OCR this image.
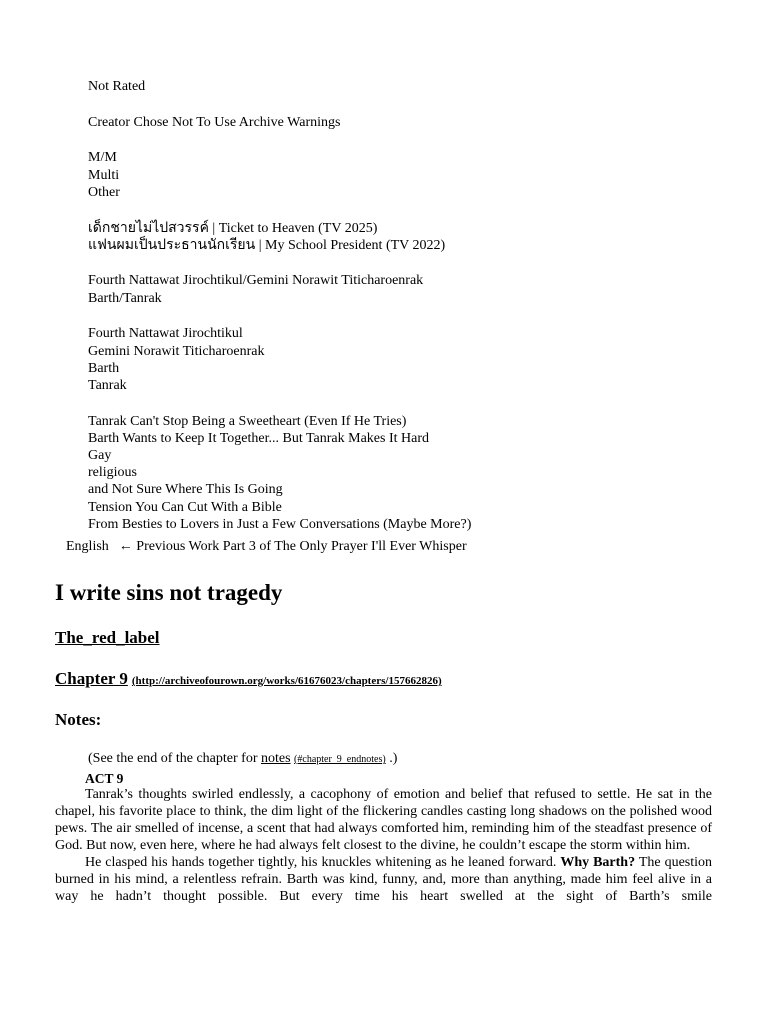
Not Rated
Creator Chose Not To Use Archive Warnings
M/M
Multi
Other
เด็กชายไม่ไปสวรรค์ | Ticket to Heaven (TV 2025)
แฟนผมเป็นประธานนักเรียน | My School President (TV 2022)
Fourth Nattawat Jirochtikul/Gemini Norawit Titicharoenrak
Barth/Tanrak
Fourth Nattawat Jirochtikul
Gemini Norawit Titicharoenrak
Barth
Tanrak
Tanrak Can't Stop Being a Sweetheart (Even If He Tries)
Barth Wants to Keep It Together... But Tanrak Makes It Hard
Gay
religious
and Not Sure Where This Is Going
Tension You Can Cut With a Bible
From Besties to Lovers in Just a Few Conversations (Maybe More?)
English ← Previous Work Part 3 of The Only Prayer I'll Ever Whisper
I write sins not tragedy
The_red_label
Chapter 9 (http://archiveofourown.org/works/61676023/chapters/157662826)
Notes:
(See the end of the chapter for notes (#chapter_9_endnotes) .)
ACT 9

Tanrak’s thoughts swirled endlessly, a cacophony of emotion and belief that refused to settle. He sat in the chapel, his favorite place to think, the dim light of the flickering candles casting long shadows on the polished wood pews. The air smelled of incense, a scent that had always comforted him, reminding him of the steadfast presence of God. But now, even here, where he had always felt closest to the divine, he couldn’t escape the storm within him.

He clasped his hands together tightly, his knuckles whitening as he leaned forward. Why Barth? The question burned in his mind, a relentless refrain. Barth was kind, funny, and, more than anything, made him feel alive in a way he hadn’t thought possible. But every time his heart swelled at the sight of Barth’s smile
